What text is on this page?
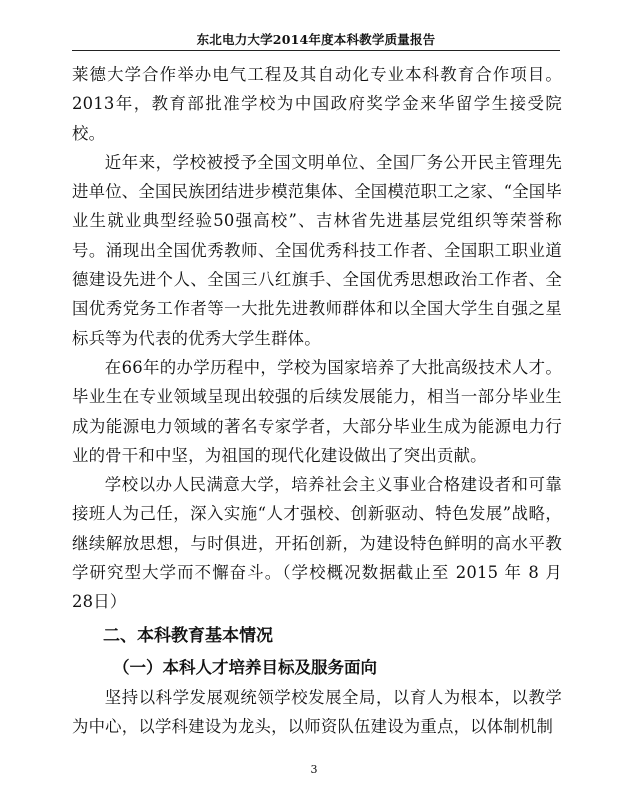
东北电力大学2014年度本科教学质量报告

莱德大学合作举办电气工程及其自动化专业本科教育合作项目。2013年，教育部批准学校为中国政府奖学金来华留学生接受院校。

近年来，学校被授予全国文明单位、全国厂务公开民主管理先进单位、全国民族团结进步模范集体、全国模范职工之家、“全国毕业生就业典型经验50强高校”、吉林省先进基层党组织等荣誉称号。涌现出全国优秀教师、全国优秀科技工作者、全国职工职业道德建设先进个人、全国三八红旗手、全国优秀思想政治工作者、全国优秀党务工作者等一大批先进教师群体和以全国大学生自强之星标兵等为代表的优秀大学生群体。

在66年的办学历程中，学校为国家培养了大批高级技术人才。毕业生在专业领域呈现出较强的后续发展能力，相当一部分毕业生成为能源电力领域的著名专家学者，大部分毕业生成为能源电力行业的骨干和中坚，为祖国的现代化建设做出了突出贡献。

学校以办人民满意大学，培养社会主义事业合格建设者和可靠接班人为己任，深入实施“人才强校、创新驱动、特色发展”战略，继续解放思想，与时俱进，开拓创新，为建设特色鲜明的高水平教学研究型大学而不懈奋斗。（学校概况数据截止至 2015 年 8 月 28日）

二、本科教育基本情况
（一）本科人才培养目标及服务面向

坚持以科学发展观统领学校发展全局，以育人为根本，以教学为中心，以学科建设为龙头，以师资队伍建设为重点，以体制机制

3
